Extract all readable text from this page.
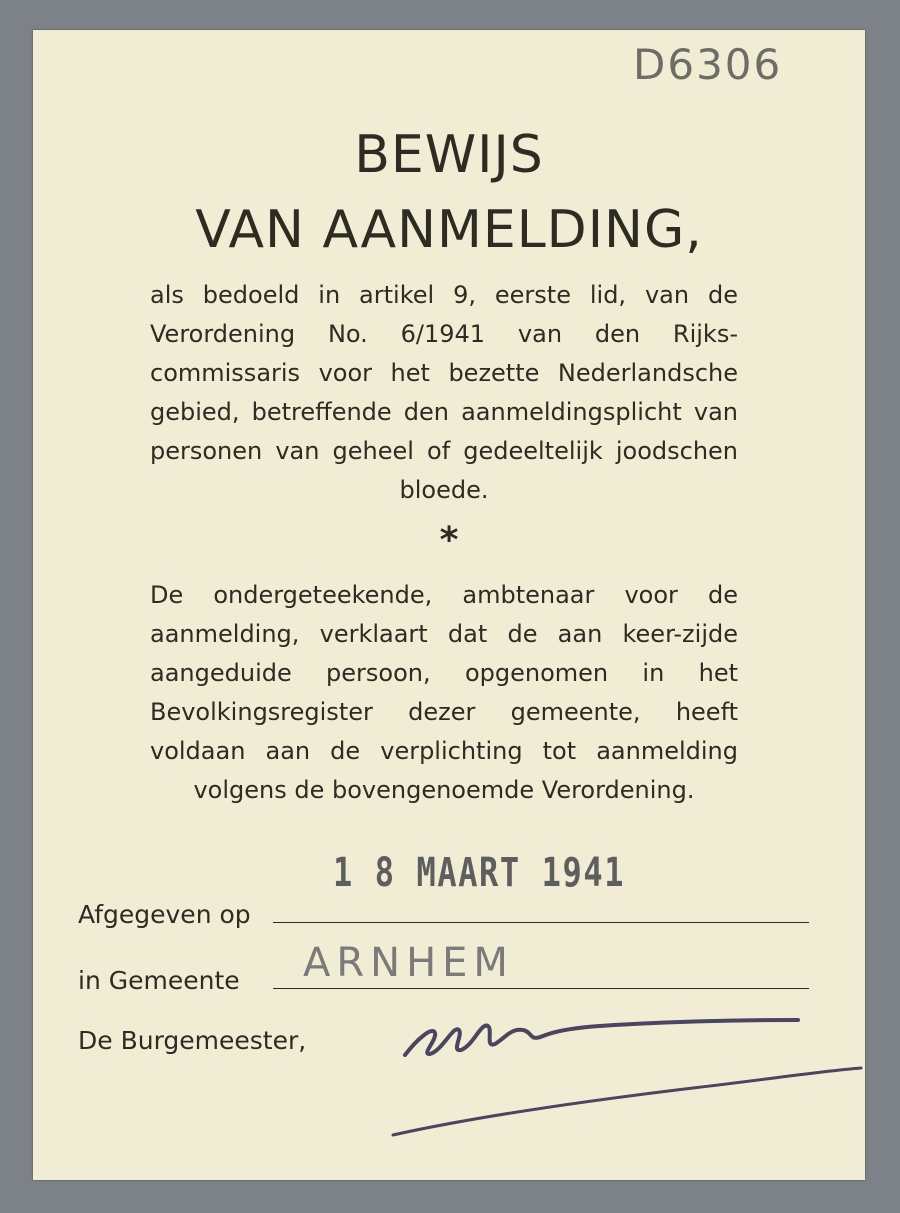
D6306
BEWIJS
VAN AANMELDING,
als bedoeld in artikel 9, eerste lid, van de Verordening No. 6/1941 van den Rijks-commissaris voor het bezette Nederlandsche gebied, betreffende den aanmeldingsplicht van personen van geheel of gedeeltelijk joodschen bloede.
*
De ondergeteekende, ambtenaar voor de aanmelding, verklaart dat de aan keer-zijde aangeduide persoon, opgenomen in het Bevolkingsregister dezer gemeente, heeft voldaan aan de verplichting tot aanmelding volgens de bovengenoemde Verordening.
1 8 MAART 1941
Afgegeven op
ARNHEM
in Gemeente
De Burgemeester,
